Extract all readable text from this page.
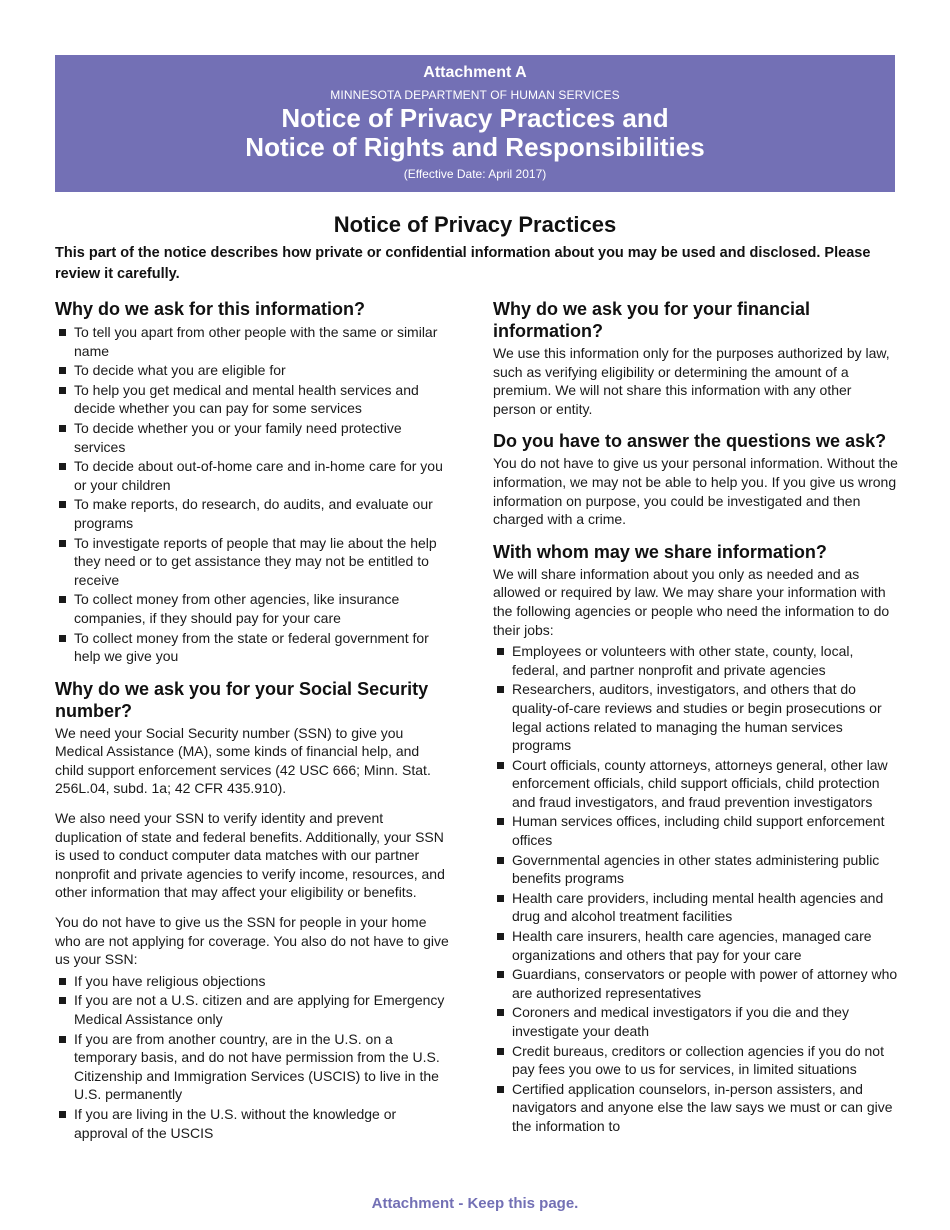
Attachment A
MINNESOTA DEPARTMENT OF HUMAN SERVICES
Notice of Privacy Practices and
Notice of Rights and Responsibilities
(Effective Date: April 2017)
Notice of Privacy Practices
This part of the notice describes how private or confidential information about you may be used and disclosed. Please review it carefully.
Why do we ask for this information?
To tell you apart from other people with the same or similar name
To decide what you are eligible for
To help you get medical and mental health services and decide whether you can pay for some services
To decide whether you or your family need protective services
To decide about out-of-home care and in-home care for you or your children
To make reports, do research, do audits, and evaluate our programs
To investigate reports of people that may lie about the help they need or to get assistance they may not be entitled to receive
To collect money from other agencies, like insurance companies, if they should pay for your care
To collect money from the state or federal government for help we give you
Why do we ask you for your Social Security number?

We need your Social Security number (SSN) to give you Medical Assistance (MA), some kinds of financial help, and child support enforcement services (42 USC 666; Minn. Stat. 256L.04, subd. 1a; 42 CFR 435.910).

We also need your SSN to verify identity and prevent duplication of state and federal benefits. Additionally, your SSN is used to conduct computer data matches with our partner nonprofit and private agencies to verify income, resources, and other information that may affect your eligibility or benefits.

You do not have to give us the SSN for people in your home who are not applying for coverage. You also do not have to give us your SSN:

If you have religious objections
If you are not a U.S. citizen and are applying for Emergency Medical Assistance only
If you are from another country, are in the U.S. on a temporary basis, and do not have permission from the U.S. Citizenship and Immigration Services (USCIS) to live in the U.S. permanently
If you are living in the U.S. without the knowledge or approval of the USCIS
Why do we ask you for your financial information?

We use this information only for the purposes authorized by law, such as verifying eligibility or determining the amount of a premium. We will not share this information with any other person or entity.

Do you have to answer the questions we ask?

You do not have to give us your personal information. Without the information, we may not be able to help you. If you give us wrong information on purpose, you could be investigated and then charged with a crime.

With whom may we share information?

We will share information about you only as needed and as allowed or required by law. We may share your information with the following agencies or people who need the information to do their jobs:

Employees or volunteers with other state, county, local, federal, and partner nonprofit and private agencies
Researchers, auditors, investigators, and others that do quality-of-care reviews and studies or begin prosecutions or legal actions related to managing the human services programs
Court officials, county attorneys, attorneys general, other law enforcement officials, child support officials, child protection and fraud investigators, and fraud prevention investigators
Human services offices, including child support enforcement offices
Governmental agencies in other states administering public benefits programs
Health care providers, including mental health agencies and drug and alcohol treatment facilities
Health care insurers, health care agencies, managed care organizations and others that pay for your care
Guardians, conservators or people with power of attorney who are authorized representatives
Coroners and medical investigators if you die and they investigate your death
Credit bureaus, creditors or collection agencies if you do not pay fees you owe to us for services, in limited situations
Certified application counselors, in-person assisters, and navigators and anyone else the law says we must or can give the information to
Attachment - Keep this page.
